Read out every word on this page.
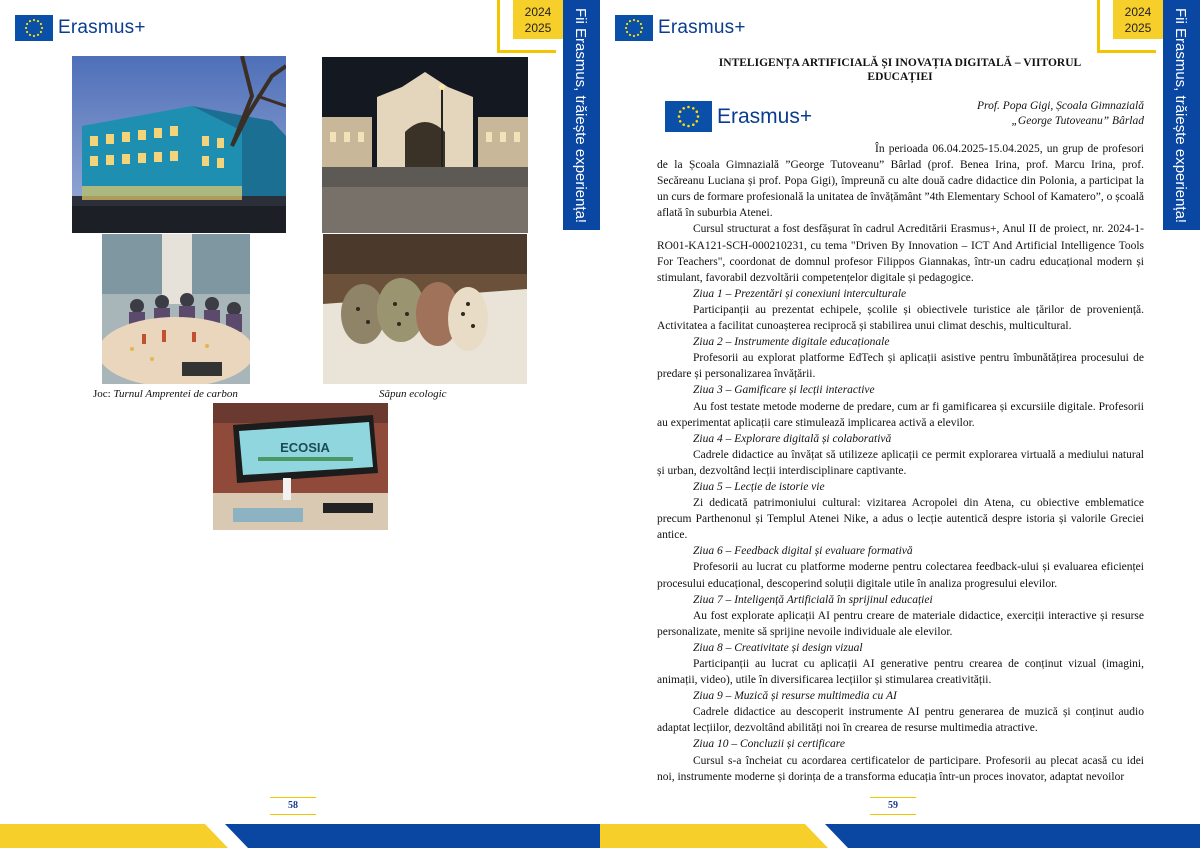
Erasmus+
2024
2025	Fii Erasmus, trăiește experiența!
Joc: Turnul Amprentei de carbon	Săpun ecologic
ECOSIA
58
Erasmus+
2024
2025	Fii Erasmus, trăiește experiența!
59
INTELIGENȚA ARTIFICIALĂ ȘI INOVAȚIA DIGITALĂ – VIITORUL
EDUCAȚIEI
Erasmus+	Prof. Popa Gigi, Școala Gimnazială
„George Tutoveanu” Bârlad

În perioada 06.04.2025-15.04.2025, un grup de profesori de la Școala Gimnazială ”George Tutoveanu” Bârlad (prof. Benea Irina, prof. Marcu Irina, prof. Secăreanu Luciana și prof. Popa Gigi), împreună cu alte două cadre didactice din Polonia, a participat la un curs de formare profesională la unitatea de învățământ ”4th Elementary School of Kamatero”, o școală aflată în suburbia Atenei.

Cursul structurat a fost desfășurat în cadrul Acreditării Erasmus+, Anul II de proiect, nr. 2024-1-RO01-KA121-SCH-000210231, cu tema "Driven By Innovation – ICT And Artificial Intelligence Tools For Teachers", coordonat de domnul profesor Filippos Giannakas, într-un cadru educațional modern și stimulant, favorabil dezvoltării competențelor digitale și pedagogice.

Ziua 1 – Prezentări și conexiuni interculturale

Participanții au prezentat echipele, școlile și obiectivele turistice ale țărilor de proveniență. Activitatea a facilitat cunoașterea reciprocă și stabilirea unui climat deschis, multicultural.

Ziua 2 – Instrumente digitale educaționale

Profesorii au explorat platforme EdTech și aplicații asistive pentru îmbunătățirea procesului de predare și personalizarea învățării.

Ziua 3 – Gamificare și lecții interactive

Au fost testate metode moderne de predare, cum ar fi gamificarea și excursiile digitale. Profesorii au experimentat aplicații care stimulează implicarea activă a elevilor.

Ziua 4 – Explorare digitală și colaborativă

Cadrele didactice au învățat să utilizeze aplicații ce permit explorarea virtuală a mediului natural și urban, dezvoltând lecții interdisciplinare captivante.

Ziua 5 – Lecție de istorie vie

Zi dedicată patrimoniului cultural: vizitarea Acropolei din Atena, cu obiective emblematice precum Parthenonul și Templul Atenei Nike, a adus o lecție autentică despre istoria și valorile Greciei antice.

Ziua 6 – Feedback digital și evaluare formativă

Profesorii au lucrat cu platforme moderne pentru colectarea feedback-ului și evaluarea eficienței procesului educațional, descoperind soluții digitale utile în analiza progresului elevilor.

Ziua 7 – Inteligență Artificială în sprijinul educației

Au fost explorate aplicații AI pentru creare de materiale didactice, exerciții interactive și resurse personalizate, menite să sprijine nevoile individuale ale elevilor.

Ziua 8 – Creativitate și design vizual

Participanții au lucrat cu aplicații AI generative pentru crearea de conținut vizual (imagini, animații, video), utile în diversificarea lecțiilor și stimularea creativității.

Ziua 9 – Muzică și resurse multimedia cu AI

Cadrele didactice au descoperit instrumente AI pentru generarea de muzică și conținut audio adaptat lecțiilor, dezvoltând abilități noi în crearea de resurse multimedia atractive.

Ziua 10 – Concluzii și certificare

Cursul s-a încheiat cu acordarea certificatelor de participare. Profesorii au plecat acasă cu idei noi, instrumente moderne și dorința de a transforma educația într-un proces inovator, adaptat nevoilor
